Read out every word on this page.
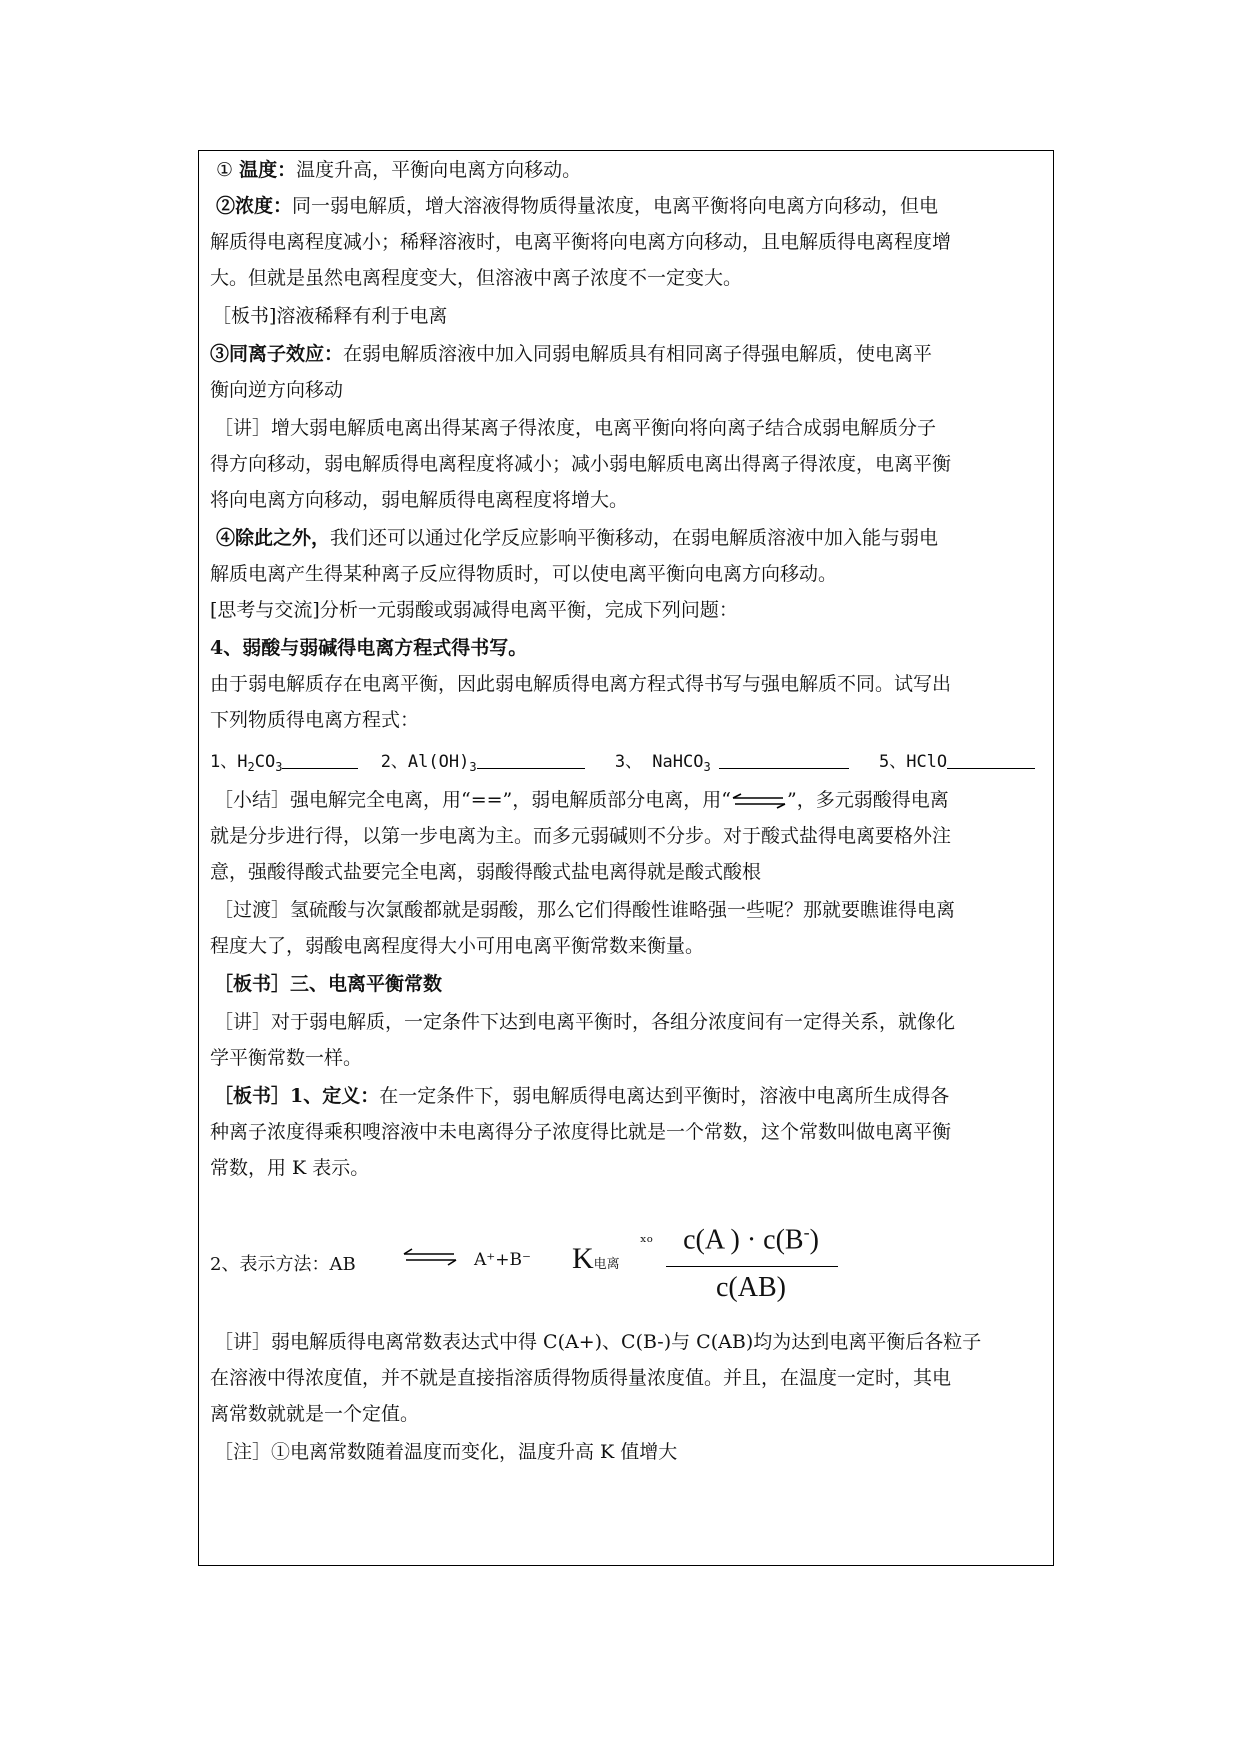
① 温度：温度升高，平衡向电离方向移动。
②浓度：同一弱电解质，增大溶液得物质得量浓度，电离平衡将向电离方向移动，但电
解质得电离程度减小；稀释溶液时，电离平衡将向电离方向移动，且电解质得电离程度增
大。但就是虽然电离程度变大，但溶液中离子浓度不一定变大。
［板书]溶液稀释有利于电离
③同离子效应：在弱电解质溶液中加入同弱电解质具有相同离子得强电解质，使电离平
衡向逆方向移动
［讲］增大弱电解质电离出得某离子得浓度，电离平衡向将向离子结合成弱电解质分子
得方向移动，弱电解质得电离程度将减小；减小弱电解质电离出得离子得浓度，电离平衡
将向电离方向移动，弱电解质得电离程度将增大。
④除此之外，我们还可以通过化学反应影响平衡移动，在弱电解质溶液中加入能与弱电
解质电离产生得某种离子反应得物质时，可以使电离平衡向电离方向移动。
[思考与交流]分析一元弱酸或弱减得电离平衡，完成下列问题：
4、弱酸与弱碱得电离方程式得书写。
由于弱电解质存在电离平衡，因此弱电解质得电离方程式得书写与强电解质不同。试写出
下列物质得电离方程式：
1、$H_2CO_3$	2、$Al(OH)_3$	3、 NaHCO$_3$	5、HClO
［小结］强电解完全电离，用“==”，弱电解质部分电离，用“⇌”，多元弱酸得电离
就是分步进行得，以第一步电离为主。而多元弱碱则不分步。对于酸式盐得电离要格外注
意，强酸得酸式盐要完全电离，弱酸得酸式盐电离得就是酸式酸根
［过渡］氢硫酸与次氯酸都就是弱酸，那么它们得酸性谁略强一些呢？那就要瞧谁得电离
程度大了，弱酸电离程度得大小可用电离平衡常数来衡量。
［板书］三、电离平衡常数
［讲］对于弱电解质，一定条件下达到电离平衡时，各组分浓度间有一定得关系，就像化
学平衡常数一样。
［板书］1、定义：在一定条件下，弱电解质得电离达到平衡时，溶液中电离所生成得各
种离子浓度得乘积嗖溶液中未电离得分子浓度得比就是一个常数，这个常数叫做电离平衡
常数，用 K 表示。
2、表示方法：AB ⇌ A⁺+B⁻ K电离
ˣᵒ	c(A ) · c(B-)
c(AB)
［讲］弱电解质得电离常数表达式中得 C(A+)、C(B-)与 C(AB)均为达到电离平衡后各粒子
在溶液中得浓度值，并不就是直接指溶质得物质得量浓度值。并且，在温度一定时，其电
离常数就就是一个定值。
［注］①电离常数随着温度而变化，温度升高 K 值增大
